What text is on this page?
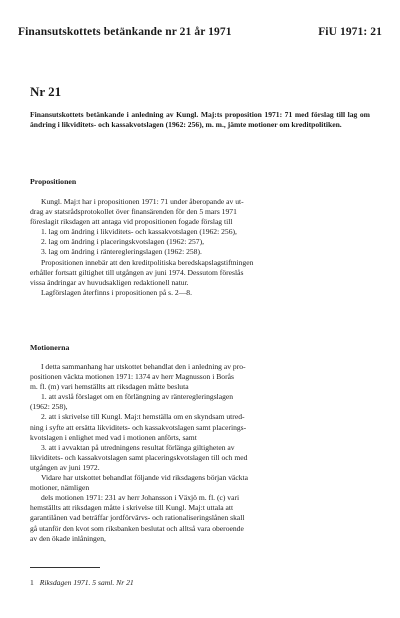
Finansutskottets betänkande nr 21 år 1971	FiU 1971: 21
Nr 21
Finansutskottets betänkande i anledning av Kungl. Maj:ts proposition 1971: 71 med förslag till lag om ändring i likviditets- och kassakvotslagen (1962: 256), m. m., jämte motioner om kreditpolitiken.
Propositionen

Kungl. Maj:t har i propositionen 1971: 71 under åberopande av ut-

drag av statsrådsprotokollet över finansärenden för den 5 mars 1971

föreslagit riksdagen att antaga vid propositionen fogade förslag till

1. lag om ändring i likviditets- och kassakvotslagen (1962: 256),

2. lag om ändring i placeringskvotslagen (1962: 257),

3. lag om ändring i ränteregleringslagen (1962: 258).

Propositionen innebär att den kreditpolitiska beredskapslagstiftningen

erhåller fortsatt giltighet till utgången av juni 1974. Dessutom föreslås

vissa ändringar av huvudsakligen redaktionell natur.

Lagförslagen återfinns i propositionen på s. 2—8.

Motionerna

I detta sammanhang har utskottet behandlat den i anledning av pro-

positionen väckta motionen 1971: 1374 av herr Magnusson i Borås

m. fl. (m) vari hemställts att riksdagen måtte besluta

1. att avslå förslaget om en förlängning av ränteregleringslagen

(1962: 258),

2. att i skrivelse till Kungl. Maj:t hemställa om en skyndsam utred-

ning i syfte att ersätta likviditets- och kassakvotslagen samt placerings-

kvotslagen i enlighet med vad i motionen anförts, samt

3. att i avvaktan på utredningens resultat förlänga giltigheten av

likviditets- och kassakvotslagen samt placeringskvotslagen till och med

utgången av juni 1972.

Vidare har utskottet behandlat följande vid riksdagens början väckta

motioner, nämligen

dels motionen 1971: 231 av herr Johansson i Växjö m. fl. (c) vari

hemställts att riksdagen måtte i skrivelse till Kungl. Maj:t uttala att

garantilånen vad beträffar jordförvärvs- och rationaliseringslånen skall

gå utanför den kvot som riksbanken beslutat och alltså vara oberoende

av den ökade inlåningen,

1 Riksdagen 1971. 5 saml. Nr 21
